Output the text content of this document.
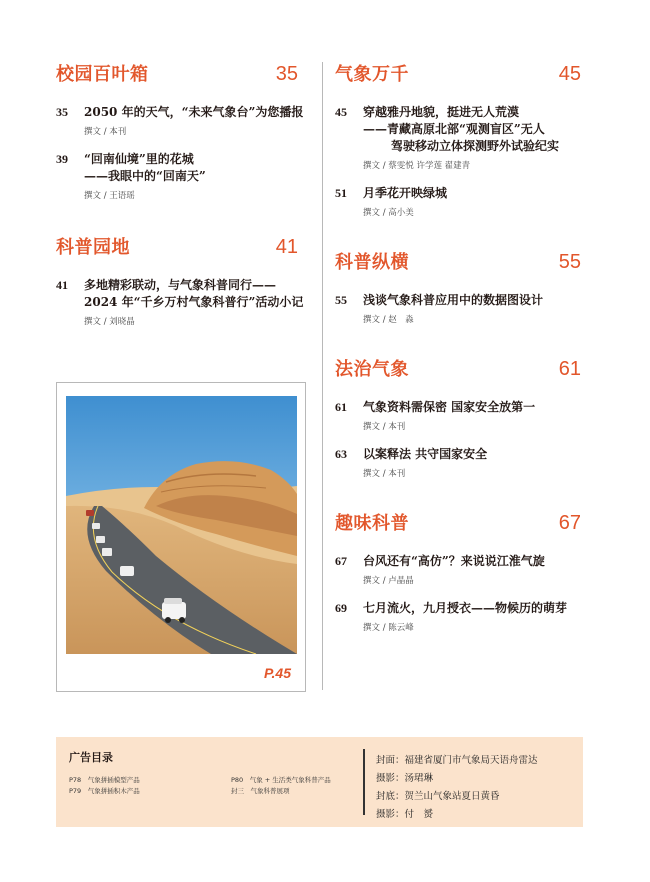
校园百叶箱	35
35 2050 年的天气，“未来气象台”为您播报
撰文 / 本刊
39 “回南仙境”里的花城
——我眼中的“回南天”
撰文 / 王语瑶
科普园地	41
41 多地精彩联动，与气象科普同行——
2024 年“千乡万村气象科普行”活动小记
撰文 / 刘晓晶
P.45
气象万千	45
45 穿越雅丹地貌，挺进无人荒漠
——青藏高原北部“观测盲区”无人
驾驶移动立体探测野外试验纪实
撰文 / 蔡雯悦 许学莲 翟建青
51 月季花开映绿城
撰文 / 高小美
科普纵横	55
55 浅谈气象科普应用中的数据图设计
撰文 / 赵　淼
法治气象	61
61 气象资料需保密 国家安全放第一
撰文 / 本刊
63 以案释法 共守国家安全
撰文 / 本刊
趣味科普	67
67 台风还有“高仿”？来说说江淮气旋
撰文 / 卢晶晶
69 七月流火，九月授衣——物候历的萌芽
撰文 / 陈云峰
广告目录
P78　气象拼插模型产品
P79　气象拼插积木产品
P80　气象 + 生活类气象科普产品
封三　气象科普展项
封面：福建省厦门市气象局天语舟雷达
摄影：汤珺琳
封底：贺兰山气象站夏日黄昏
摄影：付　赟
